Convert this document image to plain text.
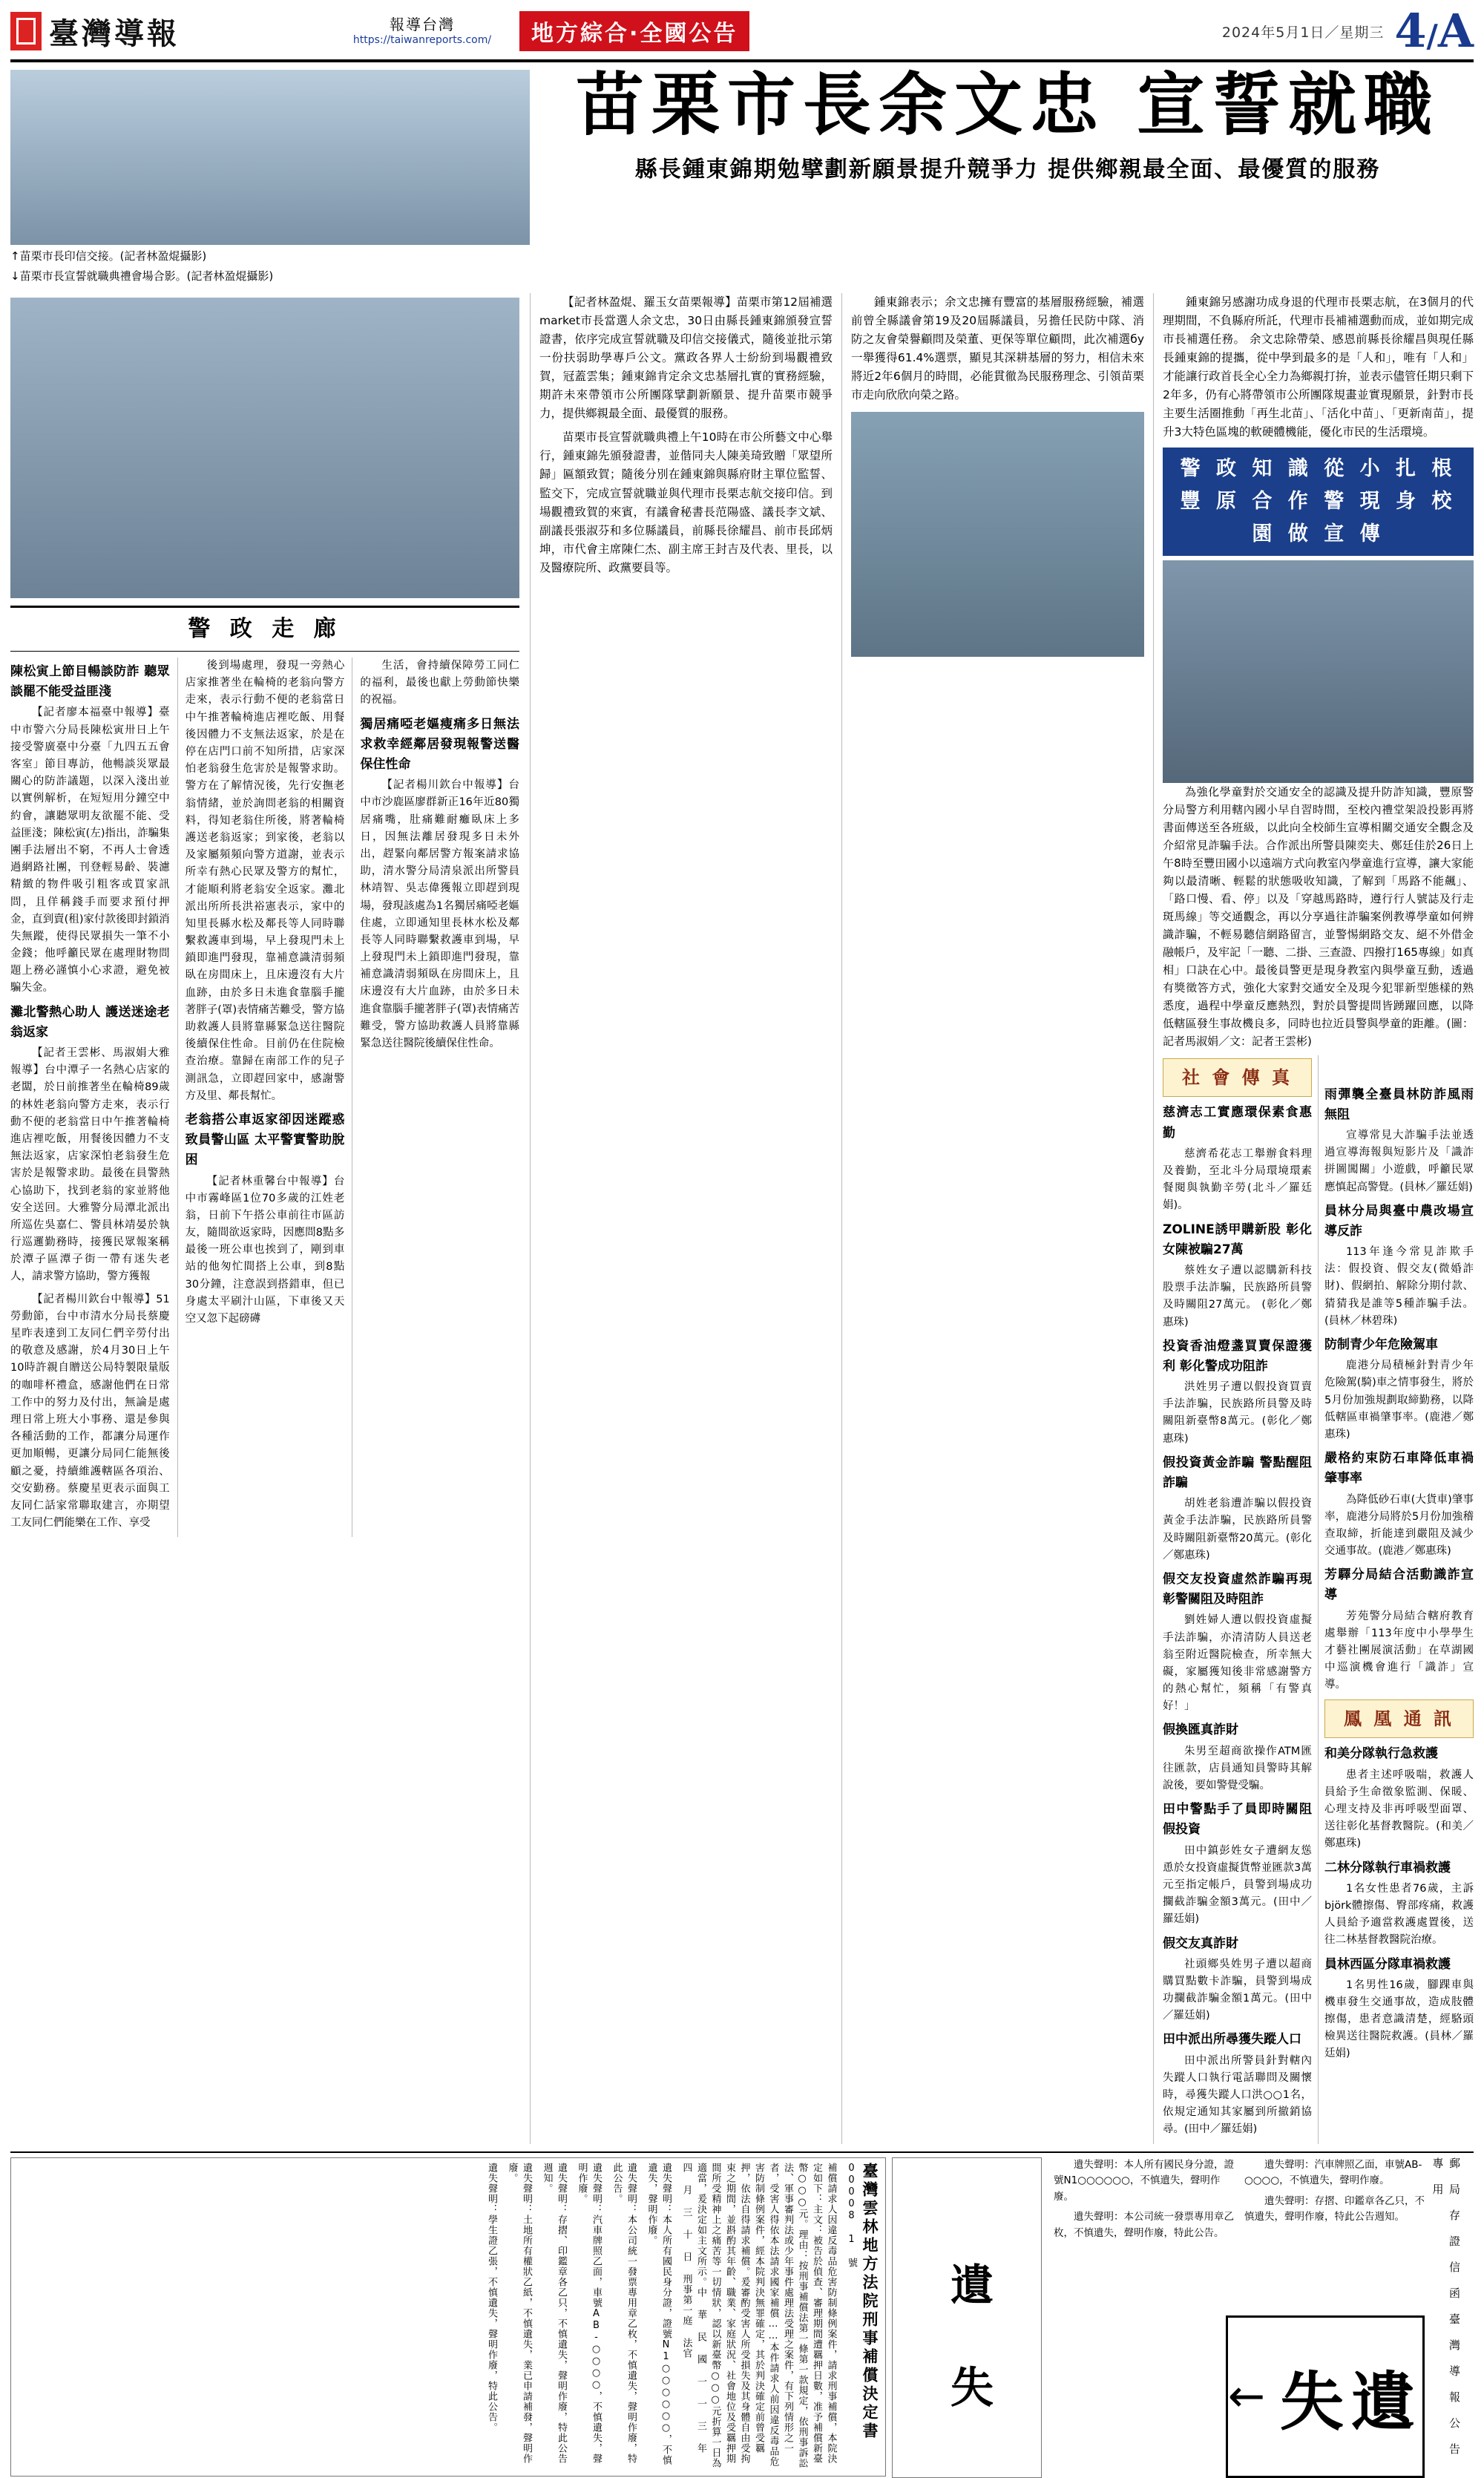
臺灣導報	報導台灣
https://taiwanreports.com/	地方綜合·全國公告	2024年5月1日／星期三 4/A
↑苗栗市長印信交接。(記者林盈焜攝影)
↓苗栗市長宣誓就職典禮會場合影。(記者林盈焜攝影)
苗栗市長余文忠 宣誓就職
縣長鍾東錦期勉擘劃新願景提升競爭力 提供鄉親最全面、最優質的服務
警 政 走 廊
陳松寅上節目暢談防詐 聽眾談罷不能受益匪淺

【記者廖本福臺中報導】臺中市警六分局長陳松寅卅日上午接受警廣臺中分臺「九四五五會客室」節目專訪，他暢談災眾最關心的防詐議題，以深入淺出並以實例解析，在短短用分鐘空中約會，讓聽眾明友欲罷不能、受益匪淺；陳松寅(左)指出，詐騙集團手法層出不窮，不再人士會透過網路社團，刊登輕易齡、裝濾精緻的物件吸引粗客或買家訊問，且佯稱錢手而要求預付押金，直到賣(租)家付款後即封鎖消失無蹤，使得民眾損失一筆不小金錢；他呼籲民眾在處理財物問題上務必謹慎小心求證，避免被騙失金。

灘北警熱心助人 護送迷途老翁返家

【記者王雲彬、馬淑娟大雅報導】台中潭子一名熱心店家的老闆，於日前推著坐在輪椅89歲的林姓老翁向警方走來，表示行動不便的老翁當日中午推著輪椅進店裡吃飯，用餐後因體力不支無法返家，店家深怕老翁發生危害於是報警求助。最後在員警熱心協助下，找到老翁的家並將他安全送回。大雅警分局潭北派出所巡佐吳嘉仁、警員林靖晏於執行巡邏勤務時，接獲民眾報案稱於潭子區潭子街一帶有迷失老人，請求警方協助，警方獲報

【記者楊川欽台中報導】51勞動節，台中市清水分局長蔡慶星昨表達到工友同仁們辛勞付出的敬意及感謝，於4月30日上午10時許親自贈送公局特製限量版的咖啡杯禮盒，感謝他們在日常工作中的努力及付出，無論是處理日常上班大小事務、還是參與各種活動的工作，都讓分局運作更加順暢，更讓分局同仁能無後顧之憂，持續維護轄區各項治、交安勤務。蔡慶星更表示面與工友同仁話家常聯取建言，亦期望工友同仁們能樂在工作、享受

後到場處理，發現一旁熱心店家推著坐在輪椅的老翁向警方走來，表示行動不便的老翁當日中午推著輪椅進店裡吃飯、用餐後因體力不支無法返家，於是在停在店門口前不知所措，店家深怕老翁發生危害於是報警求助。警方在了解情況後，先行安撫老翁情緒，並於詢問老翁的相關資料，得知老翁住所後，將著輪椅護送老翁返家；到家後，老翁以及家屬頻頻向警方道謝，並表示所幸有熱心民眾及警方的幫忙，才能順利將老翁安全返家。灘北派出所所長洪裕憲表示，家中的知里長縣水松及鄰長等人同時聯繫救護車到場，早上發現門未上鎖即進門發現，靠補意識清弱頻臥在房間床上，且床邊沒有大片血跡，由於多日未進食靠腦手攏著胖子(罩)表情痛苦難受，警方協助救護人員將靠縣緊急送往醫院後續保住性命。目前仍在住院檢查治療。靠歸在南部工作的兒子測訊急，立即趕回家中，感謝警方及里、鄰長幫忙。

老翁搭公車返家卻因迷蹤惑致員警山區 太平警實警助脫困

【記者林重馨台中報導】台中市霧峰區1位70多歲的江姓老翁，日前下午搭公車前往市區訪友，隨間欲返家時，因應問8點多最後一班公車也挨到了，剛到車站的他匆忙間搭上公車，到8點30分鐘，注意誤到搭錯車，但已身處太平刷汁山區，下車後又天空又忽下起磅礡

生活，會持續保障勞工同仁的福利，最後也獻上勞動節快樂的祝福。

獨居痛啞老嫗瘦痛多日無法求救幸經鄰居發現報警送醫保住性命

【記者楊川欽台中報導】台中市沙鹿區廖群新正16年近80獨居痛嘴，肚痛難耐癱臥床上多日，因無法離居發現多日未外出，趕緊向鄰居警方報案請求協助，清水警分局清泉派出所警員林靖智、吳志偉獲報立即趕到現場，發現該處為1名獨居痛啞老嫗住處，立即通知里長林水松及鄰長等人同時聯繫救護車到場，早上發現門未上鎖即進門發現，靠補意識清弱頻臥在房間床上，且床邊沒有大片血跡，由於多日未進食靠腦手攏著胖子(罩)表情痛苦難受，警方協助救護人員將靠縣緊急送往醫院後續保住性命。

【記者林盈焜、羅玉女苗栗報導】苗栗市第12屆補選market市長當選人余文忠，30日由縣長鍾東錦頒發宣誓證書，依序完成宣誓就職及印信交接儀式，隨後並批示第一份扶弱助學專戶公文。黨政各界人士紛紛到場觀禮致賀，冠蓋雲集；鍾東錦肯定余文忠基層扎實的實務經驗，期許未來帶領市公所團隊擘劃新願景、提升苗栗市競爭力，提供鄉親最全面、最優質的服務。

苗栗市長宣誓就職典禮上午10時在市公所藝文中心舉行，鍾東錦先頒發證書，並偕同夫人陳美琦致贈「眾望所歸」匾額致賀；隨後分別在鍾東錦與縣府財主單位監誓、監交下，完成宣誓就職並與代理市長栗志航交接印信。到場觀禮致賀的來賓，有議會秘書長范陽盛、議長李文斌、副議長張淑芬和多位縣議員，前縣長徐耀昌、前市長邱炳坤，市代會主席陳仁杰、副主席王封吉及代表、里長，以及醫療院所、政黨要員等。

鍾東錦表示；余文忠擁有豐富的基層服務經驗，補選前曾全縣議會第19及20屆縣議員，另擔任民防中隊、消防之友會榮譽顧問及榮董、更保等單位顧問，此次補選бу一舉獲得61.4%選票，顯見其深耕基層的努力，相信未來將近2年6個月的時間，必能貫徹為民服務理念、引領苗栗市走向欣欣向榮之路。

鍾東錦另感謝功成身退的代理市長栗志航，在3個月的代理期間，不負縣府所託，代理市長補補選動而成，並如期完成市長補選任務。 余文忠除帶榮、感恩前縣長徐耀昌與現任縣長鍾東錦的提攜，從中學到最多的是「人和」，唯有「人和」才能讓行政首長全心全力為鄉親打拚，並表示儘管任期只剩下2年多，仍有心將帶領市公所團隊規畫並實現願景，針對市長主要生活圈推動「再生北苗」、「活化中苗」、「更新南苗」，提升3大特色區塊的軟硬體機能，優化市民的生活環境。

警 政 知 識 從 小 扎 根 豐 原 合 作 警 現 身 校 園 做 宣 傳

為強化學童對於交通安全的認識及提升防詐知識，豐原警分局警方利用轄內國小早自習時間，至校內禮堂架設投影再將書面傳送至各班級，以此向全校師生宣導相關交通安全觀念及介紹常見詐騙手法。合作派出所警員陳奕夫、鄭廷佳於26日上午8時至豐田國小以遠端方式向教室內學童進行宣導，讓大家能夠以最清晰、輕鬆的狀態吸收知識，了解到「馬路不能飆」、「路口慢、看、停」以及「穿越馬路時，遵行行人號誌及行走斑馬線」等交通觀念，再以分享過往詐騙案例教導學童如何辨識詐騙，不輕易聽信網路留言，並警惕網路交友、絕不外借金融帳戶，及牢記「一聽、二掛、三查證、四撥打165專線」如真相」口訣在心中。最後員警更是現身教室內與學童互動，透過有獎徵答方式，強化大家對交通安全及現今犯罪新型態樣的熟悉度，過程中學童反應熱烈，對於員警提問皆踴躍回應，以降低轄區發生事故機良多，同時也拉近員警與學童的距離。(圖：記者馬淑娟／文：記者王雲彬)

社 會 傳 真
慈濟志工實應環保素食惠勤

慈濟希花志工舉辦食料理及養勤，至北斗分局環境環素餐閱與執勤辛勞(北斗／羅廷娟)。

ZOLINE誘甲購新股 彰化女陳被騙27萬

蔡姓女子遭以認購新科技股票手法詐騙，民族路所員警及時關阻27萬元。 (彰化／鄭惠珠)

投資香油燈盞買賣保證獲利 彰化警成功阻詐

洪姓男子遭以假投資買賣手法詐騙，民族路所員警及時關阻新臺幣8萬元。(彰化／鄭惠珠)

假投資黃金詐騙 警點醒阻詐騙

胡姓老翁遭詐騙以假投資黃金手法詐騙，民族路所員警及時關阻新臺幣20萬元。(彰化／鄭惠珠)

假交友投資虛然詐騙再現 彰警關阻及時阻詐

劉姓婦人遭以假投資虛擬手法詐騙，亦清清防人員送老翁至附近醫院檢查，所幸無大礙，家屬獲知後非常感謝警方的熱心幫忙，頻稱「有警真好！」

假換匯真詐財

朱男至超商欲操作ATM匯往匯款，店員通知員警時其解說後，要如警覺受騙。

田中警點手了員即時關阻假投資

田中鎮彭姓女子遭網友慫恿於女投資虛擬貨幣並匯款3萬元至指定帳戶，員警到場成功攔截詐騙金額3萬元。(田中／羅廷娟)

假交友真詐財

社頭鄉吳姓男子遭以超商購買點數卡詐騙，員警到場成功攔截詐騙金額1萬元。(田中／羅廷娟)

田中派出所尋獲失蹤人口

田中派出所警員針對轄內失蹤人口執行電話聯問及關懷時，尋獲失蹤人口洪○○1名，依規定通知其家屬到所撤銷協尋。(田中／羅廷娟)

雨彈襲全臺員林防詐風雨無阻

宣導常見大詐騙手法並透過宣導海報與短影片及「識詐拼圖闖關」小遊戲，呼籲民眾應慎起高警覺。(員林／羅廷娟)

員林分局與臺中農改場宣導反詐

113年逢今常見詐欺手法：假投資、假交友(微婚詐財)、假網拍、解除分期付款、猜猜我是誰等5種詐騙手法。(員林／林碧珠)

防制青少年危險駕車

鹿港分局積極針對青少年危險駕(騎)車之情事發生，將於5月份加強規劃取締勤務，以降低轄區車禍肇事率。(鹿港／鄭惠珠)

嚴格約束防石車降低車禍肇事率

為降低砂石車(大貨車)肇事率，鹿港分局將於5月份加強稽查取締，折能達到嚴阻及減少交通事故。(鹿港／鄭惠珠)

芳驛分局結合活動識詐宣導

芳苑警分局結合轄府教育處舉辦「113年度中小學學生才藝社團展演活動」在草湖國中巡演機會進行「識詐」宣導。

鳳 凰 通 訊
和美分隊執行急救護

患者主述呼吸喘，救護人員給予生命徵象監測、保暖、心理支持及非再呼吸型面罩、送往彰化基督教醫院。(和美／鄭惠珠)

二林分隊執行車禍救護

1名女性患者76歲，主訴björk體擦傷、臀部疼痛，救護人員給予適當救護處置後，送往二林基督教醫院治療。

員林西區分隊車禍救護

1名男性16歲，腳踝車與機車發生交通事故，造成肢體擦傷，患者意識清楚，經駱頭檢異送往醫院救護。(員林／羅廷娟)

臺灣雲林地方法院刑事補償決定書
00008 1 號
補償請求人因違反毒品危害防制條例案件，請求刑事補償，本院決定如下：主文：被告於偵查、審理期間遭羈押日數，准予補償新臺幣○○○元。理由：按刑事補償法第一條第一款規定，依刑事訴訟法、軍事審判法或少年事件處理法受理之案件，有下列情形之一者，受害人得依本法請求國家補償……本件請求人前因違反毒品危害防制條例案件，經本院判決無罪確定，其於判決確定前曾受羈押，依法自得請求補償。爰審酌受害人所受損失及其身體自由受拘束之期間，並斟酌其年齡、職業、家庭狀況、社會地位及受羈押期間所受精神上之痛苦等一切情狀，認以新臺幣○○○元折算一日為適當，爰決定如主文所示。中 華 民 國 一 一 三 年 四 月 三 十 日 刑事第一庭 法官
遺失聲明：本人所有國民身分證，證號N1○○○○○○，不慎遺失，聲明作廢。
遺失聲明：本公司統一發票專用章乙枚，不慎遺失，聲明作廢，特此公告。
遺失聲明：汽車牌照乙面，車號AB-○○○○，不慎遺失，聲明作廢。
遺失聲明：存摺、印鑑章各乙只，不慎遺失，聲明作廢，特此公告週知。
遺失聲明：土地所有權狀乙紙，不慎遺失，業已申請補發，聲明作廢。
遺失聲明：學生證乙張，不慎遺失，聲明作廢，特此公告。	遺 失

遺失聲明：本人所有國民身分證，證號N1○○○○○○，不慎遺失，聲明作廢。

遺失聲明：本公司統一發票專用章乙枚，不慎遺失，聲明作廢，特此公告。

遺失聲明：汽車牌照乙面，車號AB-○○○○，不慎遺失，聲明作廢。

遺失聲明：存摺、印鑑章各乙只，不慎遺失，聲明作廢，特此公告週知。

← 失遺	郵 局 存 證 信 函 臺 灣 導 報 公 告 專 用
